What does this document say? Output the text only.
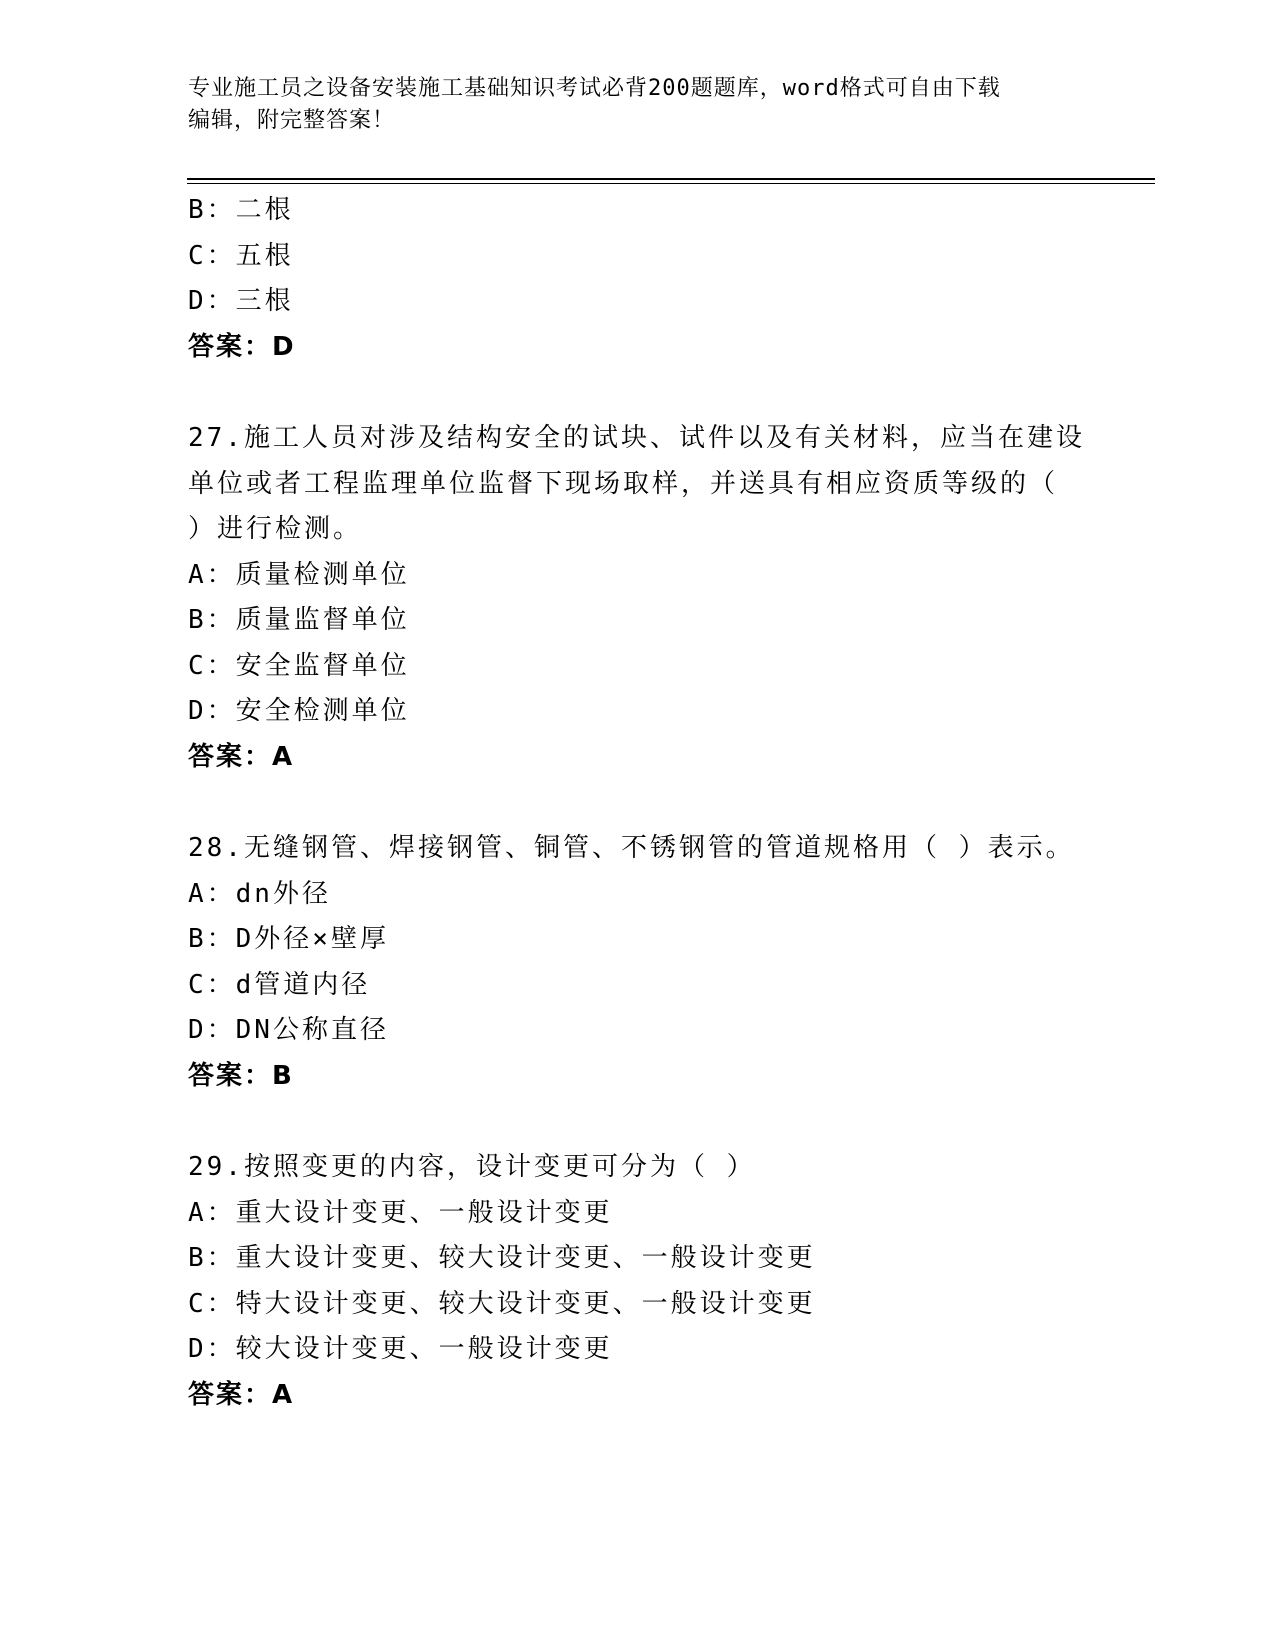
专业施工员之设备安装施工基础知识考试必背200题题库，word格式可自由下载
编辑，附完整答案！
B：二根
C：五根
D：三根
答案：D
27.施工人员对涉及结构安全的试块、试件以及有关材料，应当在建设
单位或者工程监理单位监督下现场取样，并送具有相应资质等级的（
）进行检测。
A：质量检测单位
B：质量监督单位
C：安全监督单位
D：安全检测单位
答案：A
28.无缝钢管、焊接钢管、铜管、不锈钢管的管道规格用（ ）表示。
A：dn外径
B：D外径×壁厚
C：d管道内径
D：DN公称直径
答案：B
29.按照变更的内容，设计变更可分为（ ）
A：重大设计变更、一般设计变更
B：重大设计变更、较大设计变更、一般设计变更
C：特大设计变更、较大设计变更、一般设计变更
D：较大设计变更、一般设计变更
答案：A
